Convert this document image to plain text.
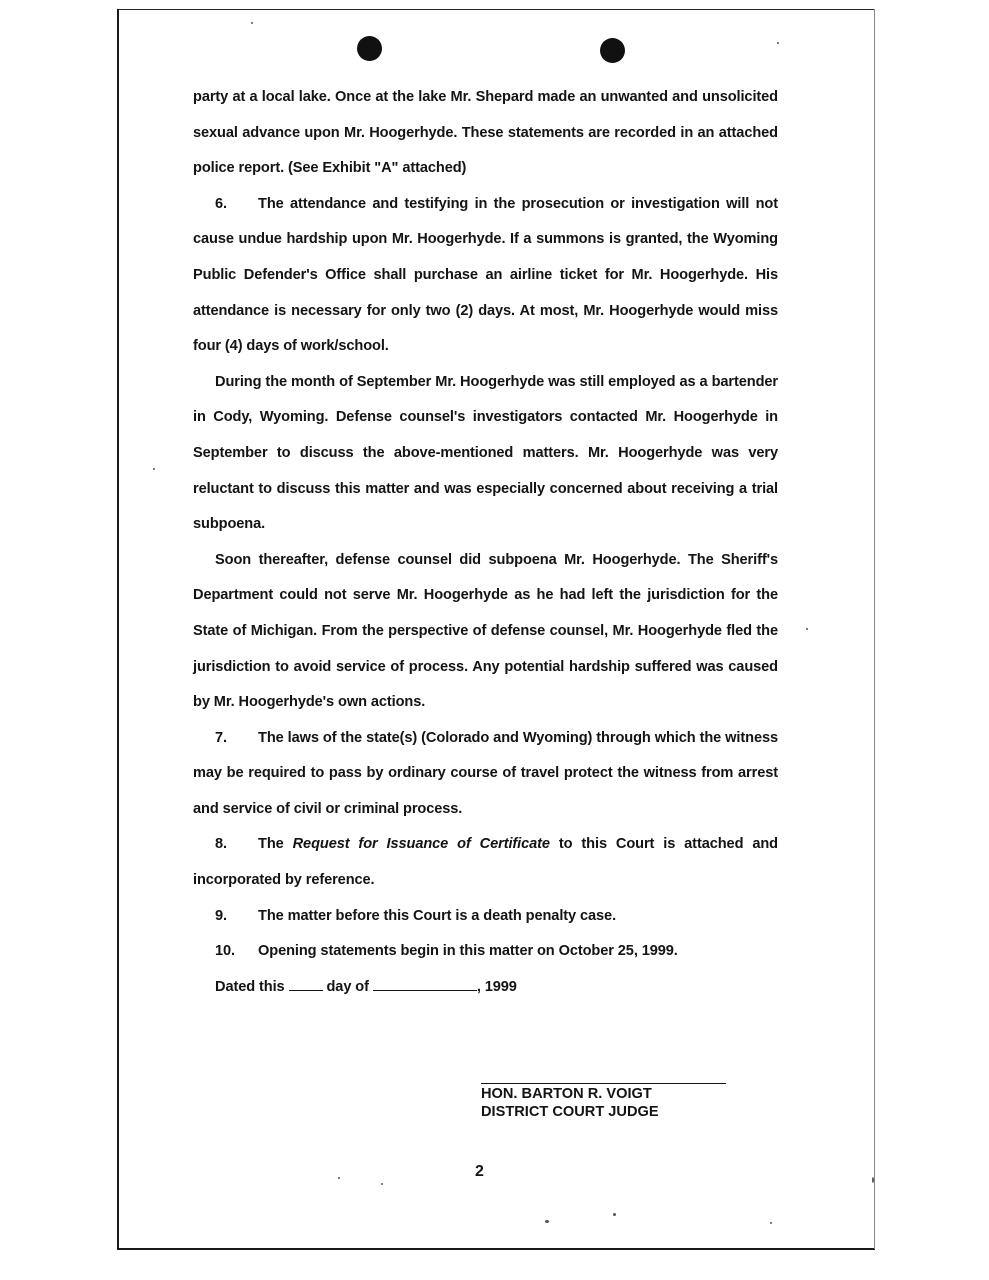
party at a local lake. Once at the lake Mr. Shepard made an unwanted and unsolicited sexual advance upon Mr. Hoogerhyde. These statements are recorded in an attached police report. (See Exhibit "A" attached)

6. The attendance and testifying in the prosecution or investigation will not cause undue hardship upon Mr. Hoogerhyde. If a summons is granted, the Wyoming Public Defender's Office shall purchase an airline ticket for Mr. Hoogerhyde. His attendance is necessary for only two (2) days. At most, Mr. Hoogerhyde would miss four (4) days of work/school.

During the month of September Mr. Hoogerhyde was still employed as a bartender in Cody, Wyoming. Defense counsel's investigators contacted Mr. Hoogerhyde in September to discuss the above-mentioned matters. Mr. Hoogerhyde was very reluctant to discuss this matter and was especially concerned about receiving a trial subpoena.

Soon thereafter, defense counsel did subpoena Mr. Hoogerhyde. The Sheriff's Department could not serve Mr. Hoogerhyde as he had left the jurisdiction for the State of Michigan. From the perspective of defense counsel, Mr. Hoogerhyde fled the jurisdiction to avoid service of process. Any potential hardship suffered was caused by Mr. Hoogerhyde's own actions.

7. The laws of the state(s) (Colorado and Wyoming) through which the witness may be required to pass by ordinary course of travel protect the witness from arrest and service of civil or criminal process.

8. The Request for Issuance of Certificate to this Court is attached and incorporated by reference.

9. The matter before this Court is a death penalty case.
10. Opening statements begin in this matter on October 25, 1999.
Dated this	day of	, 1999
HON. BARTON R. VOIGT
DISTRICT COURT JUDGE
2
